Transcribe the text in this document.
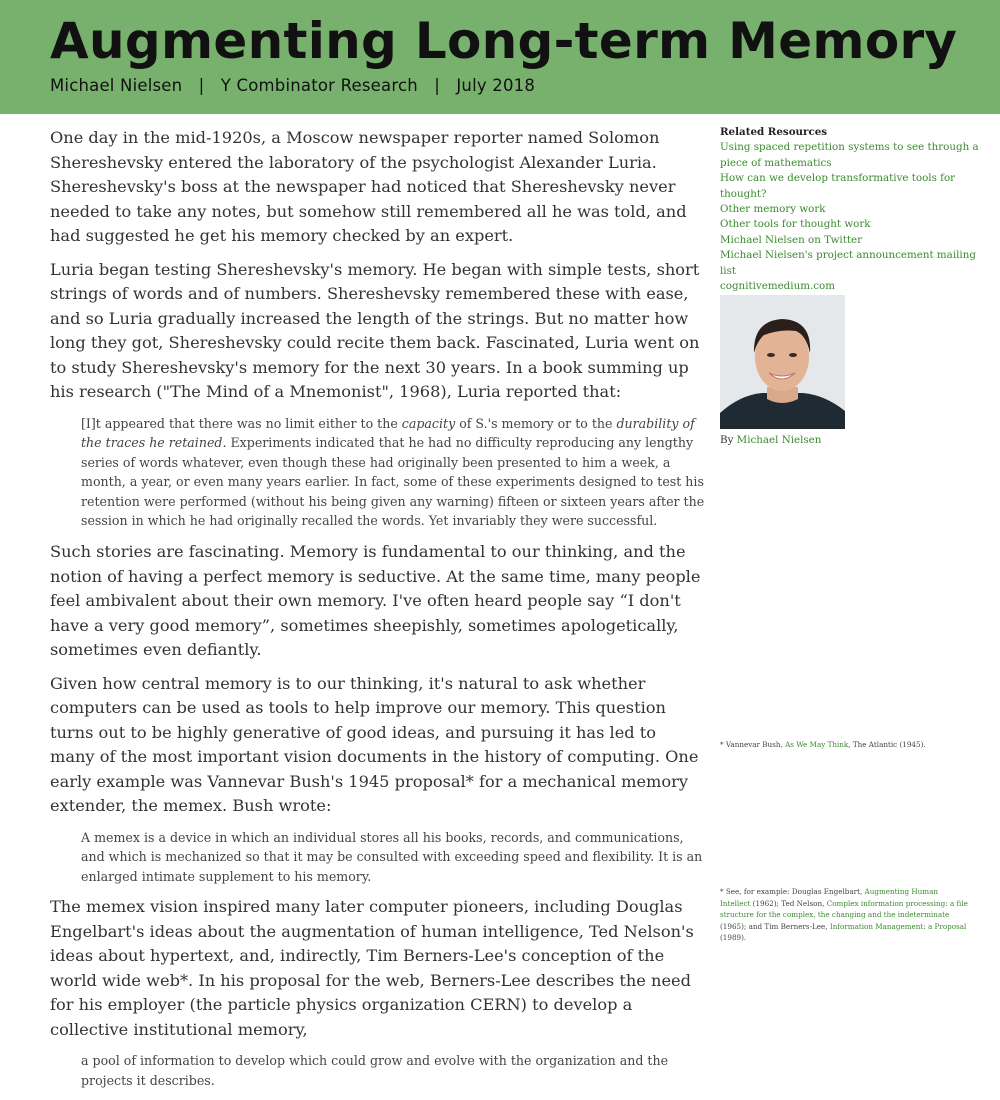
Augmenting Long-term Memory
Michael Nielsen | Y Combinator Research | July 2018

One day in the mid-1920s, a Moscow newspaper reporter named Solomon Shereshevsky entered the laboratory of the psychologist Alexander Luria. Shereshevsky's boss at the newspaper had noticed that Shereshevsky never needed to take any notes, but somehow still remembered all he was told, and had suggested he get his memory checked by an expert.

Luria began testing Shereshevsky's memory. He began with simple tests, short strings of words and of numbers. Shereshevsky remembered these with ease, and so Luria gradually increased the length of the strings. But no matter how long they got, Shereshevsky could recite them back. Fascinated, Luria went on to study Shereshevsky's memory for the next 30 years. In a book summing up his research ("The Mind of a Mnemonist", 1968), Luria reported that:

[I]t appeared that there was no limit either to the capacity of S.'s memory or to the durability of the traces he retained. Experiments indicated that he had no difficulty reproducing any lengthy series of words whatever, even though these had originally been presented to him a week, a month, a year, or even many years earlier. In fact, some of these experiments designed to test his retention were performed (without his being given any warning) fifteen or sixteen years after the session in which he had originally recalled the words. Yet invariably they were successful.

Such stories are fascinating. Memory is fundamental to our thinking, and the notion of having a perfect memory is seductive. At the same time, many people feel ambivalent about their own memory. I've often heard people say “I don't have a very good memory”, sometimes sheepishly, sometimes apologetically, sometimes even defiantly.

Given how central memory is to our thinking, it's natural to ask whether computers can be used as tools to help improve our memory. This question turns out to be highly generative of good ideas, and pursuing it has led to many of the most important vision documents in the history of computing. One early example was Vannevar Bush's 1945 proposal* for a mechanical memory extender, the memex. Bush wrote:

A memex is a device in which an individual stores all his books, records, and communications, and which is mechanized so that it may be consulted with exceeding speed and flexibility. It is an enlarged intimate supplement to his memory.

The memex vision inspired many later computer pioneers, including Douglas Engelbart's ideas about the augmentation of human intelligence, Ted Nelson's ideas about hypertext, and, indirectly, Tim Berners-Lee's conception of the world wide web*. In his proposal for the web, Berners-Lee describes the need for his employer (the particle physics organization CERN) to develop a collective institutional memory,

a pool of information to develop which could grow and evolve with the organization and the projects it describes.
Related Resources
Using spaced repetition systems to see through a piece of mathematics
How can we develop transformative tools for thought?
Other memory work
Other tools for thought work
Michael Nielsen on Twitter
Michael Nielsen's project announcement mailing list
cognitivemedium.com
By Michael Nielsen
* Vannevar Bush, As We May Think, The Atlantic (1945).
* See, for example: Douglas Engelbart, Augmenting Human Intellect (1962); Ted Nelson, Complex information processing: a file structure for the complex, the changing and the indeterminate (1965); and Tim Berners-Lee, Information Management: a Proposal (1989).
